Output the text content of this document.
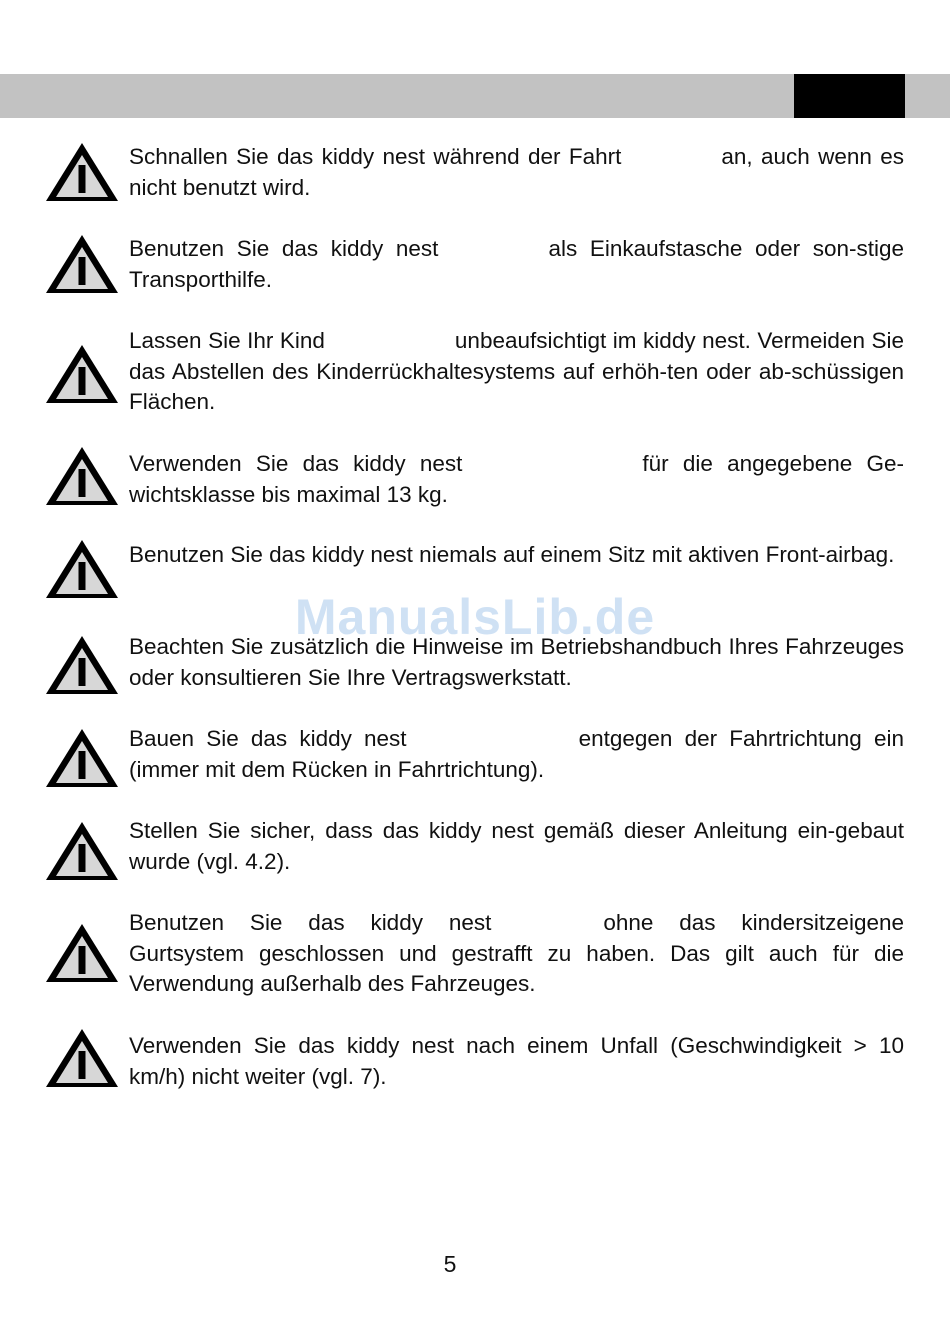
Schnallen Sie das kiddy nest während der Fahrt	an, auch wenn es nicht benutzt wird.

Benutzen Sie das kiddy nest	als Einkaufstasche oder son-stige Transporthilfe.

Lassen Sie Ihr Kind	unbeaufsichtigt im kiddy nest. Vermeiden Sie das Abstellen des Kinderrückhaltesystems auf erhöh-ten oder ab-schüssigen Flächen.

Verwenden Sie das kiddy nest	für die angegebene Ge-wichtsklasse bis maximal 13 kg.

Benutzen Sie das kiddy nest niemals auf einem Sitz mit aktiven Front-airbag.

Beachten Sie zusätzlich die Hinweise im Betriebshandbuch Ihres Fahrzeuges oder konsultieren Sie Ihre Vertragswerkstatt.

Bauen Sie das kiddy nest	entgegen der Fahrtrichtung ein (immer mit dem Rücken in Fahrtrichtung).

Stellen Sie sicher, dass das kiddy nest gemäß dieser Anleitung ein-gebaut wurde (vgl. 4.2).

Benutzen Sie das kiddy nest	ohne das kindersitzeigene Gurtsystem geschlossen und gestrafft zu haben. Das gilt auch für die Verwendung außerhalb des Fahrzeuges.

Verwenden Sie das kiddy nest nach einem Unfall (Geschwindigkeit > 10 km/h) nicht weiter (vgl. 7).

ManualsLib.de
5
